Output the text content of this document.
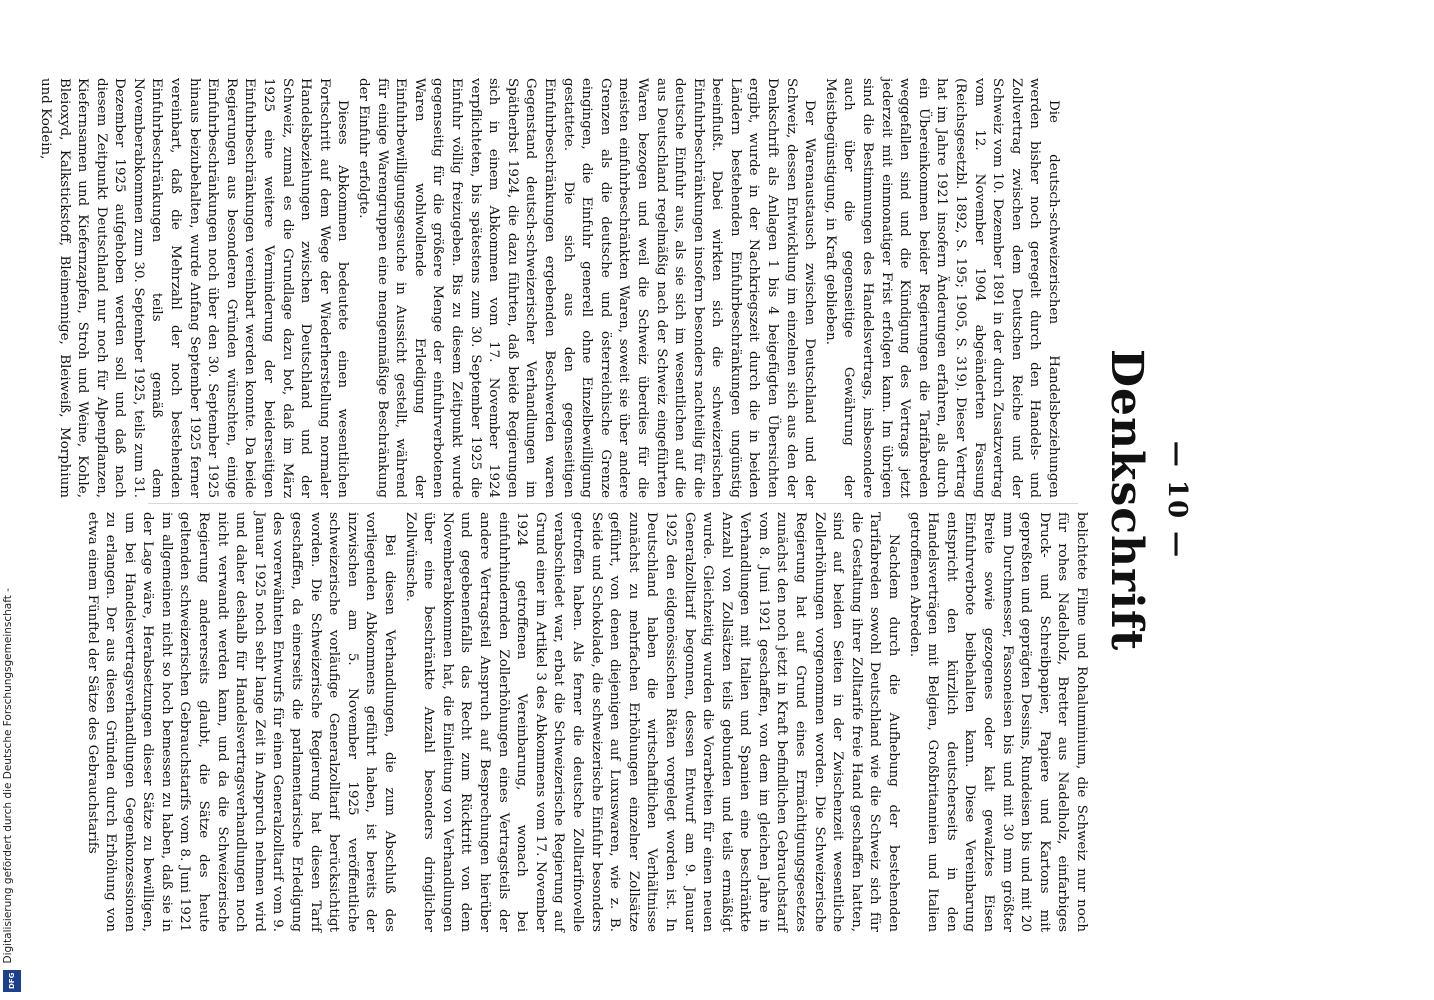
DFG
Digitalisierung gefördert durch die Deutsche Forschungsgemeinschaft -
— 10 —
Denkschrift

Die deutsch-schweizerischen Handelsbeziehungen werden bisher noch geregelt durch den Handels- und Zollvertrag zwischen dem Deutschen Reiche und der Schweiz vom 10. Dezember 1891 in der durch Zusatzvertrag vom 12. November 1904 abgeänderten Fassung (Reichsgesetzbl. 1892, S. 195; 1905, S. 319). Dieser Vertrag hat im Jahre 1921 insofern Änderungen erfahren, als durch ein Übereinkommen beider Regierungen die Tarifabreden weggefallen sind und die Kündigung des Vertrags jetzt jederzeit mit einmonatiger Frist erfolgen kann. Im übrigen sind die Bestimmungen des Handelsvertrags, insbesondere auch über die gegenseitige Gewährung der Meistbegünstigung, in Kraft geblieben.

Der Warenaustausch zwischen Deutschland und der Schweiz, dessen Entwicklung im einzelnen sich aus den der Denkschrift als Anlagen 1 bis 4 beigefügten Übersichten ergibt, wurde in der Nachkriegszeit durch die in beiden Ländern bestehenden Einfuhrbeschränkungen ungünstig beeinflußt. Dabei wirkten sich die schweizerischen Einfuhrbeschränkungen insofern besonders nachteilig für die deutsche Einfuhr aus, als sie sich im wesentlichen auf die aus Deutschland regelmäßig nach der Schweiz eingeführten Waren bezogen und weil die Schweiz überdies für die meisten einfuhrbeschränkten Waren, soweit sie über andere Grenzen als die deutsche und österreichische Grenze eingingen, die Einfuhr generell ohne Einzelbewilligung gestattete. Die sich aus den gegenseitigen Einfuhrbeschränkungen ergebenden Beschwerden waren Gegenstand deutsch-schweizerischer Verhandlungen im Spätherbst 1924, die dazu führten, daß beide Regierungen sich in einem Abkommen vom 17. November 1924 verpflichteten, bis spätestens zum 30. September 1925 die Einfuhr völlig freizugeben. Bis zu diesem Zeitpunkt wurde gegenseitig für die größere Menge der einfuhrverbotenen Waren wohlwollende Erledigung der Einfuhrbewilligungsgesuche in Aussicht gestellt, während für einige Warengruppen eine mengenmäßige Beschränkung der Einfuhr erfolgte.

Dieses Abkommen bedeutete einen wesentlichen Fortschritt auf dem Wege der Wiederherstellung normaler Handelsbeziehungen zwischen Deutschland und der Schweiz, zumal es die Grundlage dazu bot, daß im März 1925 eine weitere Verminderung der beiderseitigen Einfuhrbeschränkungen vereinbart werden konnte. Da beide Regierungen aus besonderen Gründen wünschten, einige Einfuhrbeschränkungen noch über den 30. September 1925 hinaus beizubehalten, wurde Anfang September 1925 ferner vereinbart, daß die Mehrzahl der noch bestehenden Einfuhrbeschränkungen teils gemäß dem Novemberabkommen zum 30. September 1925, teils zum 31. Dezember 1925 aufgehoben werden soll und daß nach diesem Zeitpunkt Deutschland nur noch für Alpenpflanzen, Kiefernsamen und Kiefernzapfen, Stroh und Weine, Kohle, Bleioxyd, Kalkstickstoff, Bleimennige, Bleiweiß, Morphium und Kodein,

belichtete Filme und Rohaluminium, die Schweiz nur noch für rohes Nadelholz, Bretter aus Nadelholz, einfarbiges Druck- und Schreibpapier, Papiere und Kartons mit gepreßten und geprägten Dessins, Rundeisen bis und mit 20 mm Durchmesser, Fassoneisen bis und mit 30 mm größter Breite sowie gezogenes oder kalt gewalztes Eisen Einfuhrverbote beibehalten kann. Diese Vereinbarung entspricht den kürzlich deutscherseits in den Handelsverträgen mit Belgien, Großbritannien und Italien getroffenen Abreden.

Nachdem durch die Aufhebung der bestehenden Tarifabreden sowohl Deutschland wie die Schweiz sich für die Gestaltung ihrer Zolltarife freie Hand geschaffen hatten, sind auf beiden Seiten in der Zwischenzeit wesentliche Zollerhöhungen vorgenommen worden. Die Schweizerische Regierung hat auf Grund eines Ermächtigungsgesetzes zunächst den noch jetzt in Kraft befindlichen Gebrauchstarif vom 8. Juni 1921 geschaffen, von dem im gleichen Jahre in Verhandlungen mit Italien und Spanien eine beschränkte Anzahl von Zollsätzen teils gebunden und teils ermäßigt wurde. Gleichzeitig wurden die Vorarbeiten für einen neuen Generalzolltarif begonnen, dessen Entwurf am 9. Januar 1925 den eidgenössischen Räten vorgelegt worden ist. In Deutschland haben die wirtschaftlichen Verhältnisse zunächst zu mehrfachen Erhöhungen einzelner Zollsätze geführt, von denen diejenigen auf Luxuswaren, wie z. B. Seide und Schokolade, die schweizerische Einfuhr besonders getroffen haben. Als ferner die deutsche Zolltarifnovelle verabschiedet war, erbat die Schweizerische Regierung auf Grund einer im Artikel 3 des Abkommens vom 17. November 1924 getroffenen Vereinbarung, wonach bei einfuhrhindernden Zollerhöhungen eines Vertragsteils der andere Vertragsteil Anspruch auf Besprechungen hierüber und gegebenenfalls das Recht zum Rücktritt von dem Novemberabkommen hat, die Einleitung von Verhandlungen über eine beschränkte Anzahl besonders dringlicher Zollwünsche.

Bei diesen Verhandlungen, die zum Abschluß des vorliegenden Abkommens geführt haben, ist bereits der inzwischen am 5. November 1925 veröffentliche schweizerische vorläufige Generalzolltarif berücksichtigt worden. Die Schweizerische Regierung hat diesen Tarif geschaffen, da einerseits die parlamentarische Erledigung des vorerwähnten Entwurfs für einen Generalzolltarif vom 9. Januar 1925 noch sehr lange Zeit in Anspruch nehmen wird und daher deshalb für Handelsvertragsverhandlungen noch nicht verwandt werden kann, und da die Schweizerische Regierung andererseits glaubt, die Sätze des heute geltenden schweizerischen Gebrauchstarifs vom 8. Juni 1921 im allgemeinen nicht so hoch bemessen zu haben, daß sie in der Lage wäre, Herabsetzungen dieser Sätze zu bewilligen, um bei Handelsvertragsverhandlungen Gegenkonzessionen zu erlangen. Der aus diesen Gründen durch Erhöhung von etwa einem Fünftel der Sätze des Gebrauchstarifs
